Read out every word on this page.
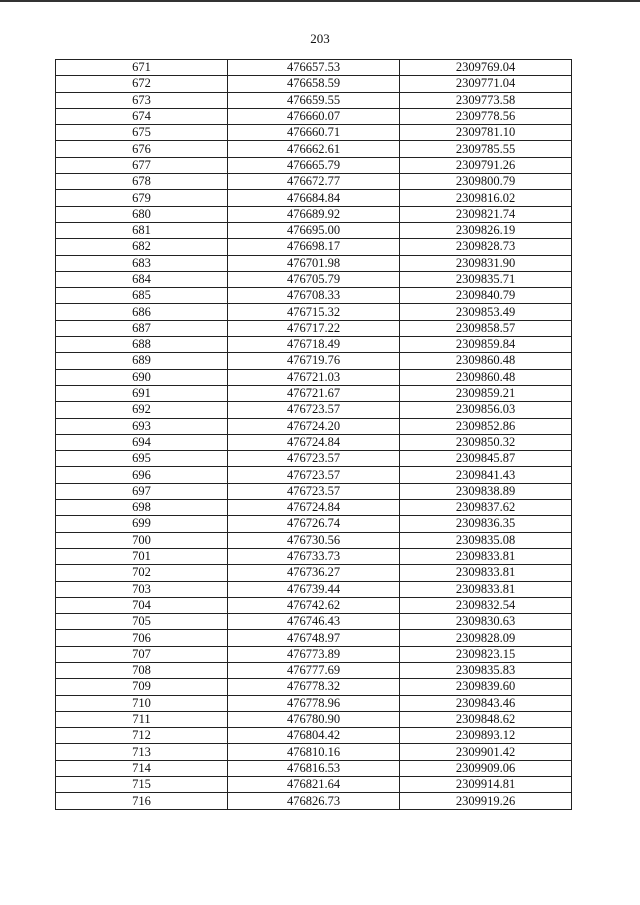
203
671	476657.53	2309769.04
672	476658.59	2309771.04
673	476659.55	2309773.58
674	476660.07	2309778.56
675	476660.71	2309781.10
676	476662.61	2309785.55
677	476665.79	2309791.26
678	476672.77	2309800.79
679	476684.84	2309816.02
680	476689.92	2309821.74
681	476695.00	2309826.19
682	476698.17	2309828.73
683	476701.98	2309831.90
684	476705.79	2309835.71
685	476708.33	2309840.79
686	476715.32	2309853.49
687	476717.22	2309858.57
688	476718.49	2309859.84
689	476719.76	2309860.48
690	476721.03	2309860.48
691	476721.67	2309859.21
692	476723.57	2309856.03
693	476724.20	2309852.86
694	476724.84	2309850.32
695	476723.57	2309845.87
696	476723.57	2309841.43
697	476723.57	2309838.89
698	476724.84	2309837.62
699	476726.74	2309836.35
700	476730.56	2309835.08
701	476733.73	2309833.81
702	476736.27	2309833.81
703	476739.44	2309833.81
704	476742.62	2309832.54
705	476746.43	2309830.63
706	476748.97	2309828.09
707	476773.89	2309823.15
708	476777.69	2309835.83
709	476778.32	2309839.60
710	476778.96	2309843.46
711	476780.90	2309848.62
712	476804.42	2309893.12
713	476810.16	2309901.42
714	476816.53	2309909.06
715	476821.64	2309914.81
716	476826.73	2309919.26
